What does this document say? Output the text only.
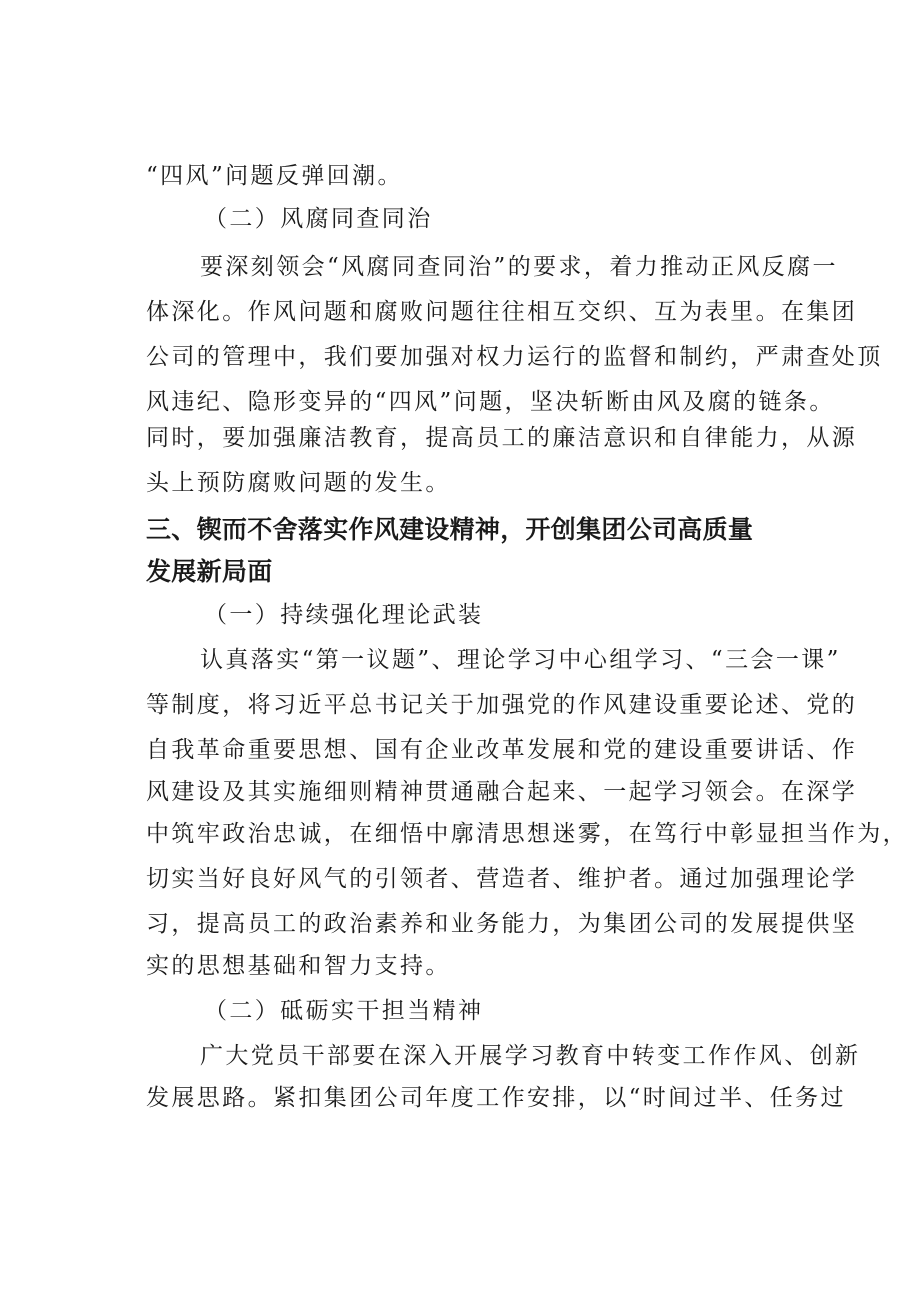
“四风”问题反弹回潮。
（二）风腐同查同治
要深刻领会“风腐同查同治”的要求，着力推动正风反腐一
体深化。作风问题和腐败问题往往相互交织、互为表里。在集团
公司的管理中，我们要加强对权力运行的监督和制约，严肃查处顶
风违纪、隐形变异的“四风”问题，坚决斩断由风及腐的链条。
同时，要加强廉洁教育，提高员工的廉洁意识和自律能力，从源
头上预防腐败问题的发生。
三、锲而不舍落实作风建设精神，开创集团公司高质量
发展新局面
（一）持续强化理论武装
认真落实“第一议题”、理论学习中心组学习、“三会一课”
等制度，将习近平总书记关于加强党的作风建设重要论述、党的
自我革命重要思想、国有企业改革发展和党的建设重要讲话、作
风建设及其实施细则精神贯通融合起来、一起学习领会。在深学
中筑牢政治忠诚，在细悟中廓清思想迷雾，在笃行中彰显担当作为，
切实当好良好风气的引领者、营造者、维护者。通过加强理论学
习，提高员工的政治素养和业务能力，为集团公司的发展提供坚
实的思想基础和智力支持。
（二）砥砺实干担当精神
广大党员干部要在深入开展学习教育中转变工作作风、创新
发展思路。紧扣集团公司年度工作安排，以“时间过半、任务过
